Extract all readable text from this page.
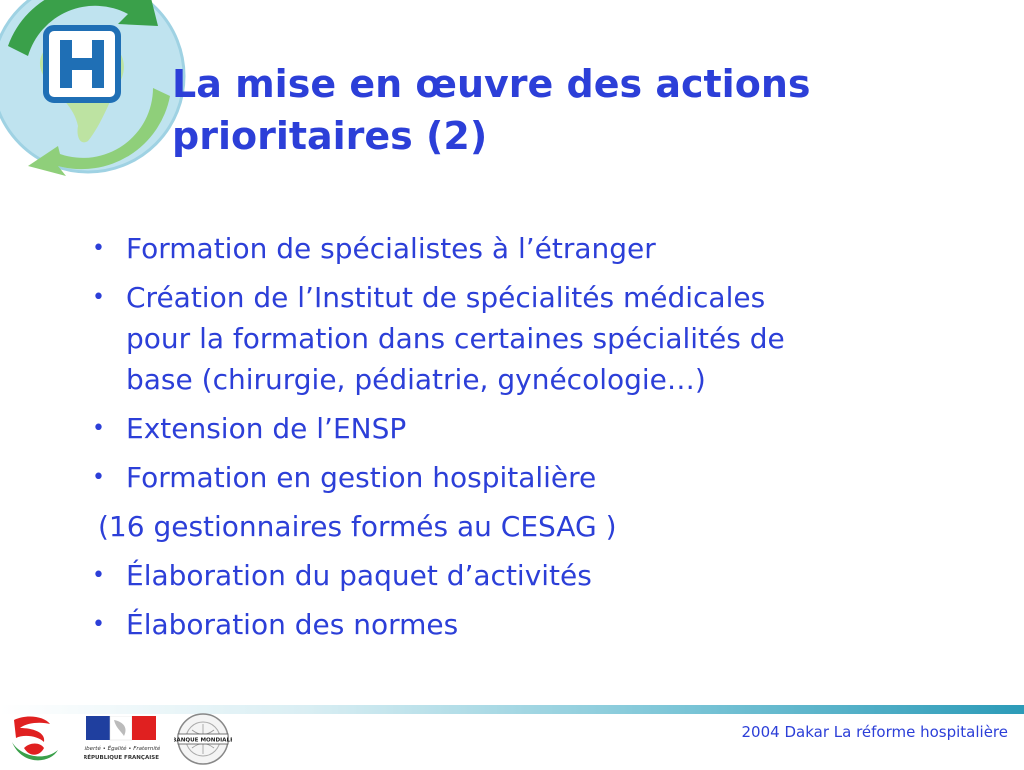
La mise en œuvre des actions
prioritaires (2)
• Formation de spécialistes à l’étranger
• Création de l’Institut de spécialités médicales
pour la formation dans certaines spécialités de
base (chirurgie, pédiatrie, gynécologie…)
• Extension de l’ENSP
• Formation en gestion hospitalière
(16 gestionnaires formés au CESAG )
• Élaboration du paquet d’activités
• Élaboration des normes
Liberté • Égalité • Fraternité
RÉPUBLIQUE FRANÇAISE
BANQUE MONDIALE	2004 Dakar La réforme hospitalière
